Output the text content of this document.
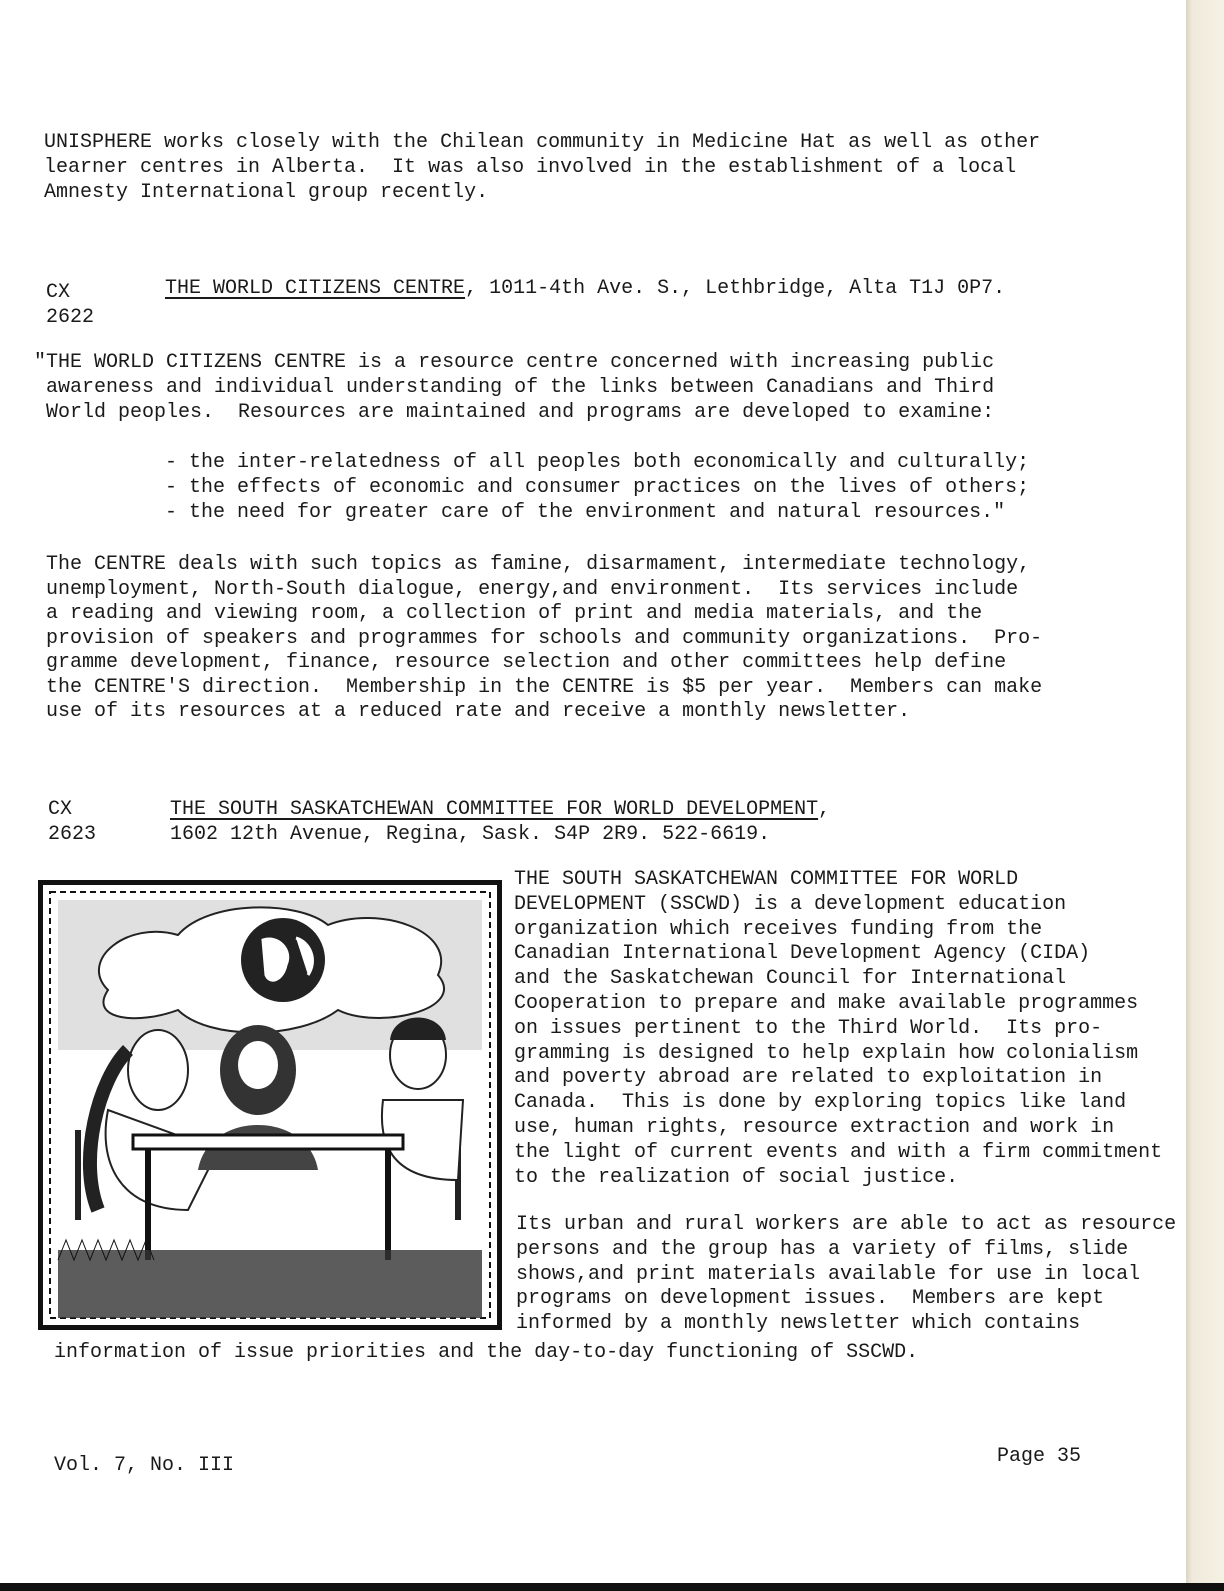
UNISPHERE works closely with the Chilean community in Medicine Hat as well as other
learner centres in Alberta.  It was also involved in the establishment of a local
Amnesty International group recently.
CX
2622
THE WORLD CITIZENS CENTRE, 1011-4th Ave. S., Lethbridge, Alta T1J 0P7.
"THE WORLD CITIZENS CENTRE is a resource centre concerned with increasing public
awareness and individual understanding of the links between Canadians and Third
World peoples.  Resources are maintained and programs are developed to examine:
- the inter-relatedness of all peoples both economically and culturally;
- the effects of economic and consumer practices on the lives of others;
- the need for greater care of the environment and natural resources."
The CENTRE deals with such topics as famine, disarmament, intermediate technology,
unemployment, North-South dialogue, energy,and environment.  Its services include
a reading and viewing room, a collection of print and media materials, and the
provision of speakers and programmes for schools and community organizations.  Pro-
gramme development, finance, resource selection and other committees help define
the CENTRE'S direction.  Membership in the CENTRE is $5 per year.  Members can make
use of its resources at a reduced rate and receive a monthly newsletter.
CX
2623
THE SOUTH SASKATCHEWAN COMMITTEE FOR WORLD DEVELOPMENT,
1602 12th Avenue, Regina, Sask. S4P 2R9. 522-6619.
THE SOUTH SASKATCHEWAN COMMITTEE FOR WORLD
DEVELOPMENT (SSCWD) is a development education
organization which receives funding from the
Canadian International Development Agency (CIDA)
and the Saskatchewan Council for International
Cooperation to prepare and make available programmes
on issues pertinent to the Third World.  Its pro-
gramming is designed to help explain how colonialism
and poverty abroad are related to exploitation in
Canada.  This is done by exploring topics like land
use, human rights, resource extraction and work in
the light of current events and with a firm commitment
to the realization of social justice.
Its urban and rural workers are able to act as resource
persons and the group has a variety of films, slide
shows,and print materials available for use in local
programs on development issues.  Members are kept
informed by a monthly newsletter which contains
information of issue priorities and the day-to-day functioning of SSCWD.
Vol. 7, No. III	Page 35
